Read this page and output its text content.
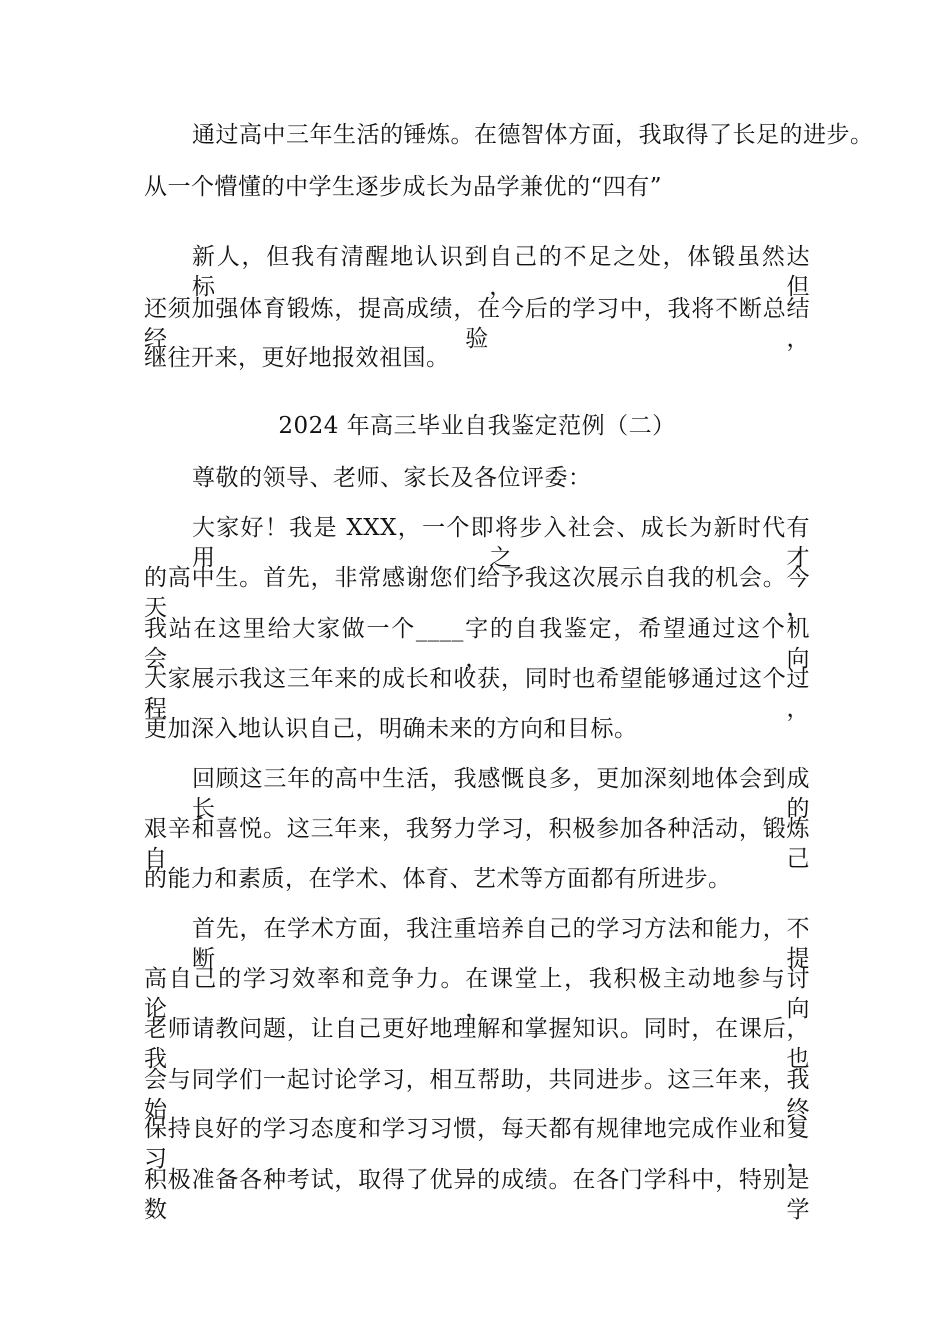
通过高中三年生活的锤炼。在德智体方面，我取得了长足的进步。
从一个懵懂的中学生逐步成长为品学兼优的“四有”
新人，但我有清醒地认识到自己的不足之处，体锻虽然达标，但
还须加强体育锻炼，提高成绩，在今后的学习中，我将不断总结经验，
继往开来，更好地报效祖国。
2024 年高三毕业自我鉴定范例（二）
尊敬的领导、老师、家长及各位评委：
大家好！我是 XXX，一个即将步入社会、成长为新时代有用之才
的高中生。首先，非常感谢您们给予我这次展示自我的机会。今天，
我站在这里给大家做一个____字的自我鉴定，希望通过这个机会，向
大家展示我这三年来的成长和收获，同时也希望能够通过这个过程，
更加深入地认识自己，明确未来的方向和目标。
回顾这三年的高中生活，我感慨良多，更加深刻地体会到成长的
艰辛和喜悦。这三年来，我努力学习，积极参加各种活动，锻炼自己
的能力和素质，在学术、体育、艺术等方面都有所进步。
首先，在学术方面，我注重培养自己的学习方法和能力，不断提
高自己的学习效率和竞争力。在课堂上，我积极主动地参与讨论，向
老师请教问题，让自己更好地理解和掌握知识。同时，在课后，我也
会与同学们一起讨论学习，相互帮助，共同进步。这三年来，我始终
保持良好的学习态度和学习习惯，每天都有规律地完成作业和复习，
积极准备各种考试，取得了优异的成绩。在各门学科中，特别是数学
